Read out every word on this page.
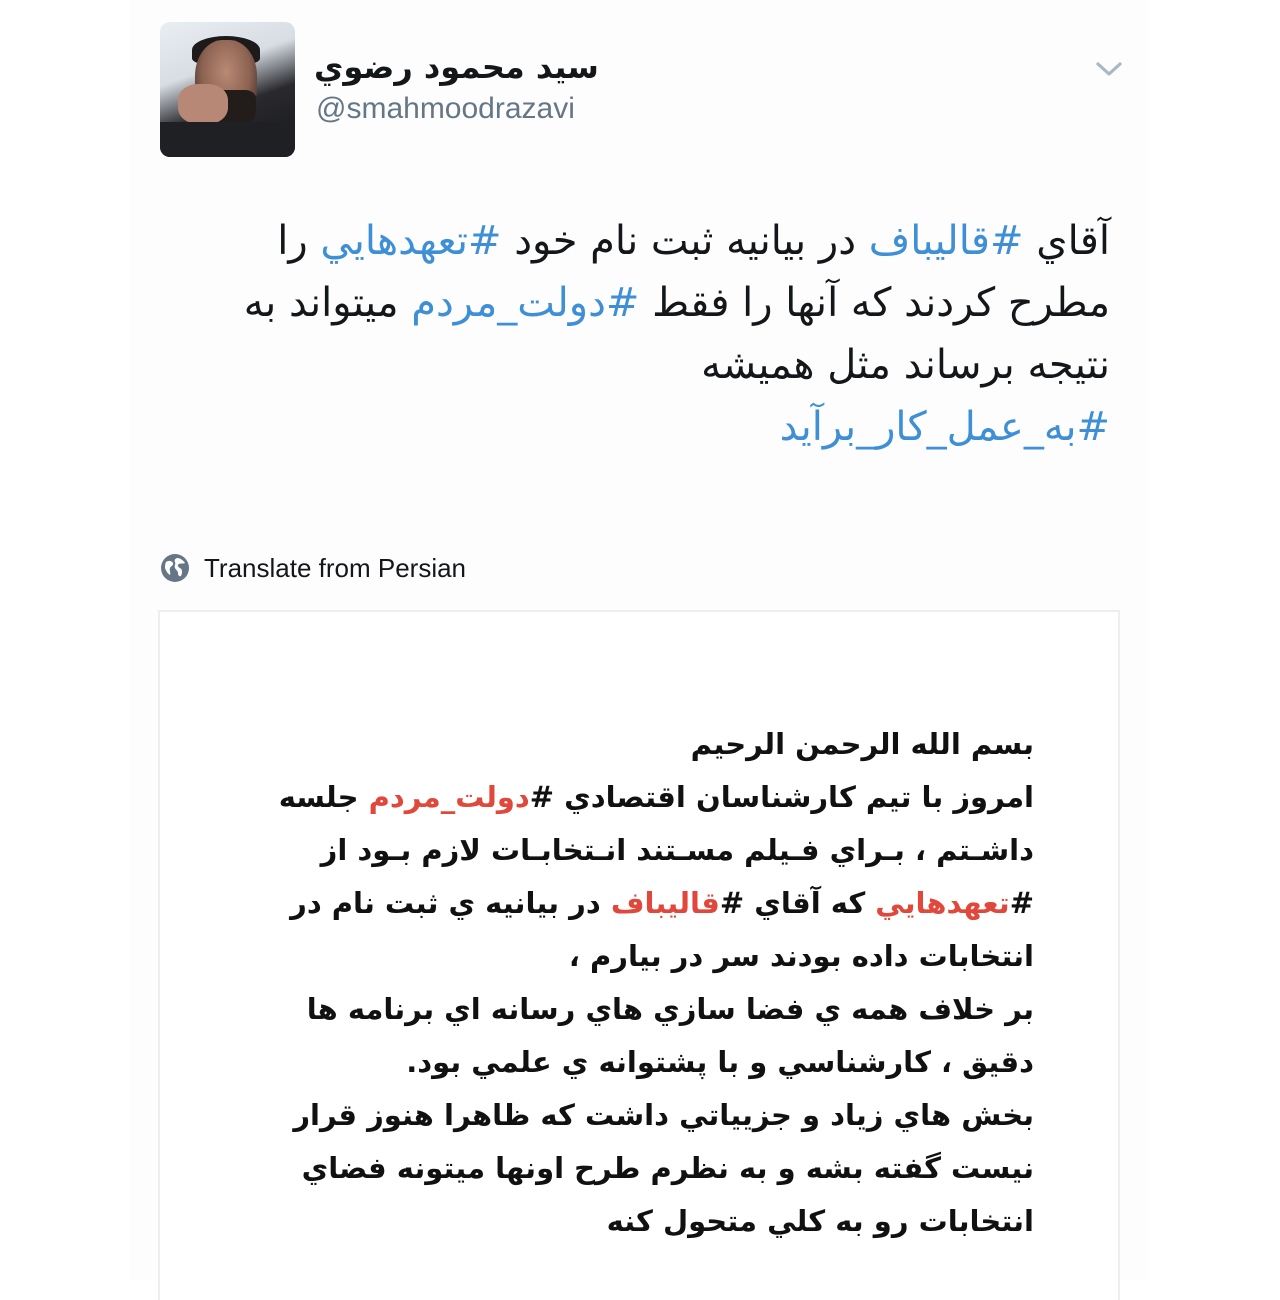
سيد محمود رضوي
@smahmoodrazavi
آقاي #قاليباف در بيانيه ثبت نام خود #تعهدهايي را
مطرح كردند كه آنها را فقط #دولت_مردم ميتواند به
نتيجه برساند مثل هميشه
#به_عمل_كار_برآيد
Translate from Persian
بسم الله الرحمن الرحيم
امروز با تيم كارشناسان اقتصادي #دولت_مردم جلسه
داشـتم ، بـراي فـيلم مسـتند انـتخابـات لازم بـود از
#تعهدهايي كه آقاي #قاليباف در بيانيه ي ثبت نام در
انتخابات داده بودند سر در بيارم ،
بر خلاف همه ي فضا سازي هاي رسانه اي برنامه ها
دقيق ، كارشناسي و با پشتوانه ي علمي بود.
بخش هاي زياد و جزيياتي داشت كه ظاهرا هنوز قرار
نيست گفته بشه و به نظرم طرح اونها ميتونه فضاي
انتخابات رو به كلي متحول كنه
